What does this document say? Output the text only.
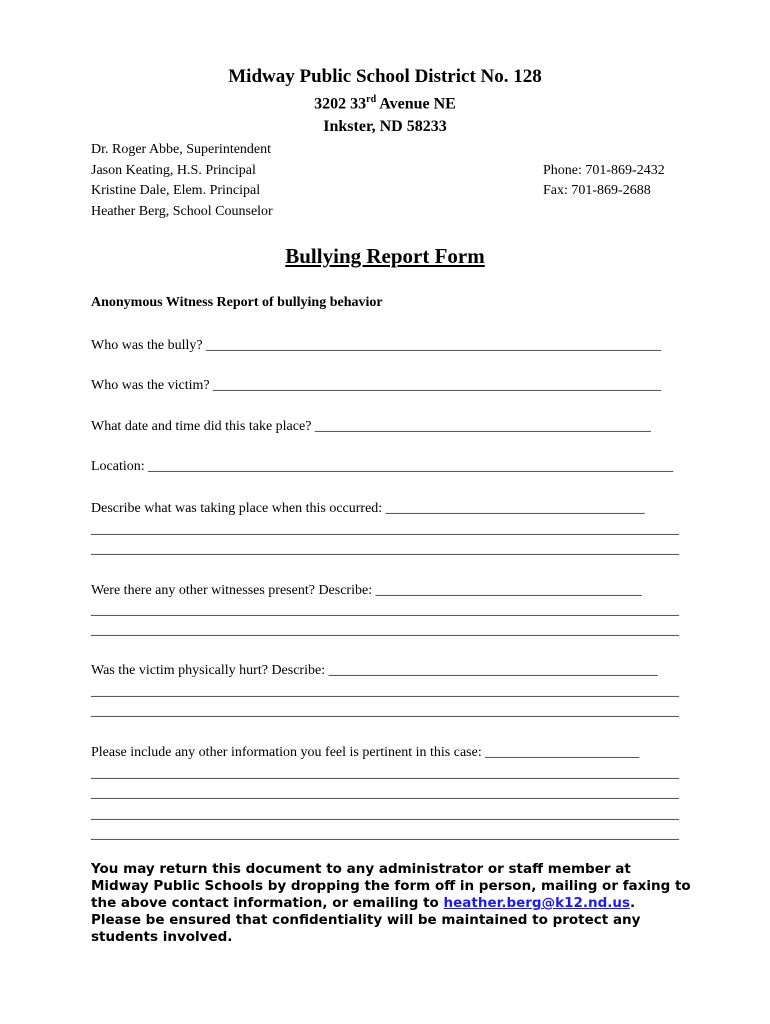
Midway Public School District No. 128
3202 33rd Avenue NE
Inkster, ND 58233
Dr. Roger Abbe, Superintendent
Jason Keating, H.S. Principal
Kristine Dale, Elem. Principal
Heather Berg, School Counselor
Phone: 701-869-2432
Fax: 701-869-2688
Bullying Report Form
Anonymous Witness Report of bullying behavior
Who was the bully? _________________________________________________________________
Who was the victim? ________________________________________________________________
What date and time did this take place? ________________________________________________
Location: ___________________________________________________________________________
Describe what was taking place when this occurred: _____________________________________
____________________________________________________________________________________
____________________________________________________________________________________
Were there any other witnesses present? Describe: ______________________________________
____________________________________________________________________________________
____________________________________________________________________________________
Was the victim physically hurt? Describe: _______________________________________________
____________________________________________________________________________________
____________________________________________________________________________________
Please include any other information you feel is pertinent in this case: ______________________
____________________________________________________________________________________
____________________________________________________________________________________
____________________________________________________________________________________
____________________________________________________________________________________
You may return this document to any administrator or staff member at Midway Public Schools by dropping the form off in person, mailing or faxing to the above contact information, or emailing to heather.berg@k12.nd.us.
Please be ensured that confidentiality will be maintained to protect any students involved.
